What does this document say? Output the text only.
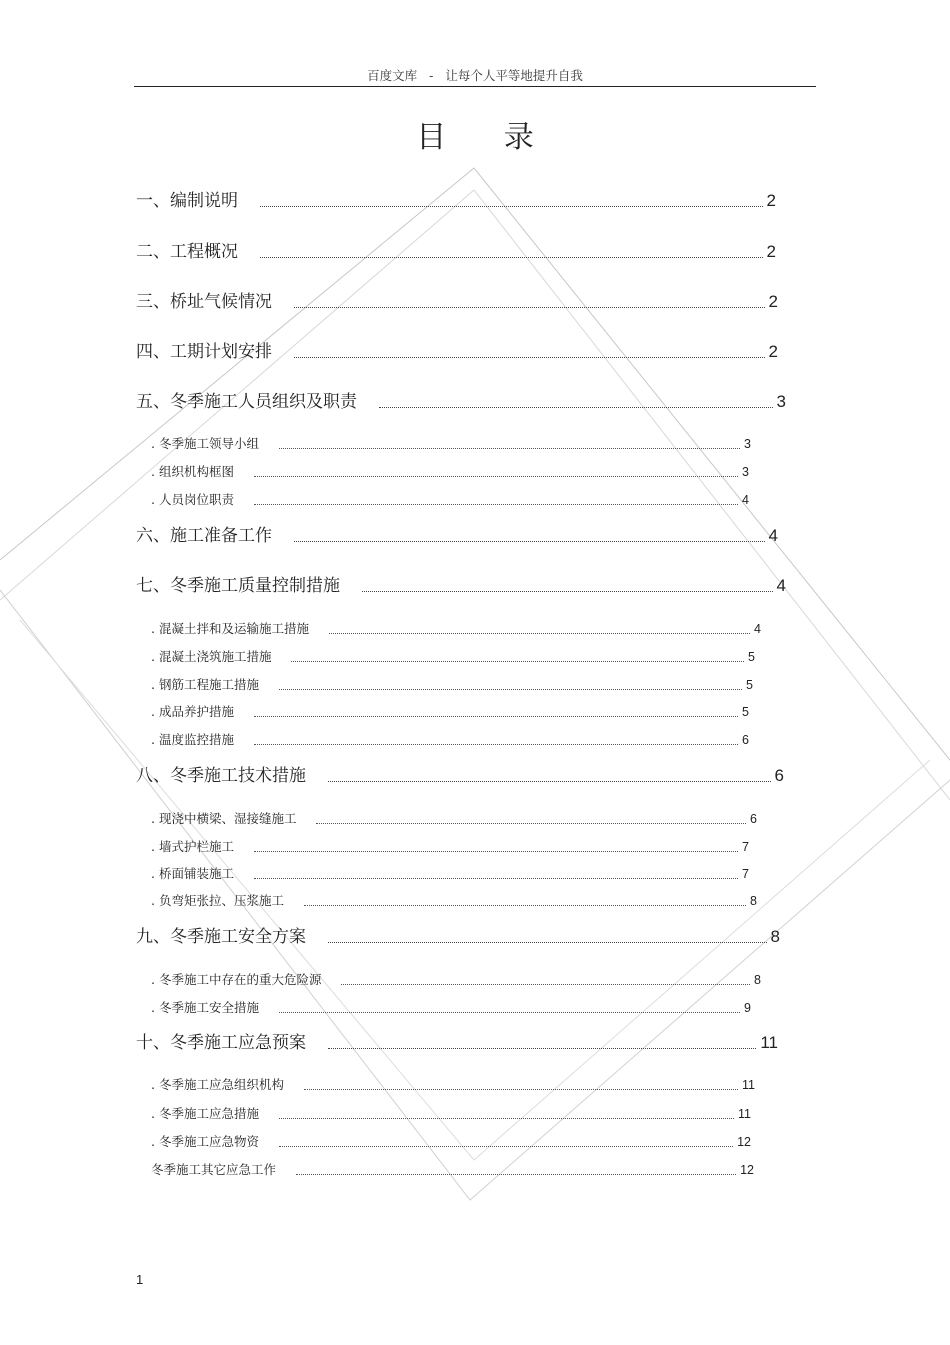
百度文库 - 让每个人平等地提升自我
目 录
一、编制说明	2
二、工程概况	2
三、桥址气候情况	2
四、工期计划安排	2
五、冬季施工人员组织及职责	3
. 冬季施工领导小组	3
. 组织机构框图	3
. 人员岗位职责	4
六、施工准备工作	4
七、冬季施工质量控制措施	4
. 混凝土拌和及运输施工措施	4
. 混凝土浇筑施工措施	5
. 钢筋工程施工措施	5
. 成品养护措施	5
. 温度监控措施	6
八、冬季施工技术措施	6
. 现浇中横梁、湿接缝施工	6
. 墙式护栏施工	7
. 桥面铺装施工	7
. 负弯矩张拉、压浆施工	8
九、冬季施工安全方案	8
. 冬季施工中存在的重大危险源	8
. 冬季施工安全措施	9
十、冬季施工应急预案	11
. 冬季施工应急组织机构	11
. 冬季施工应急措施	11
. 冬季施工应急物资	12
冬季施工其它应急工作	12
1
